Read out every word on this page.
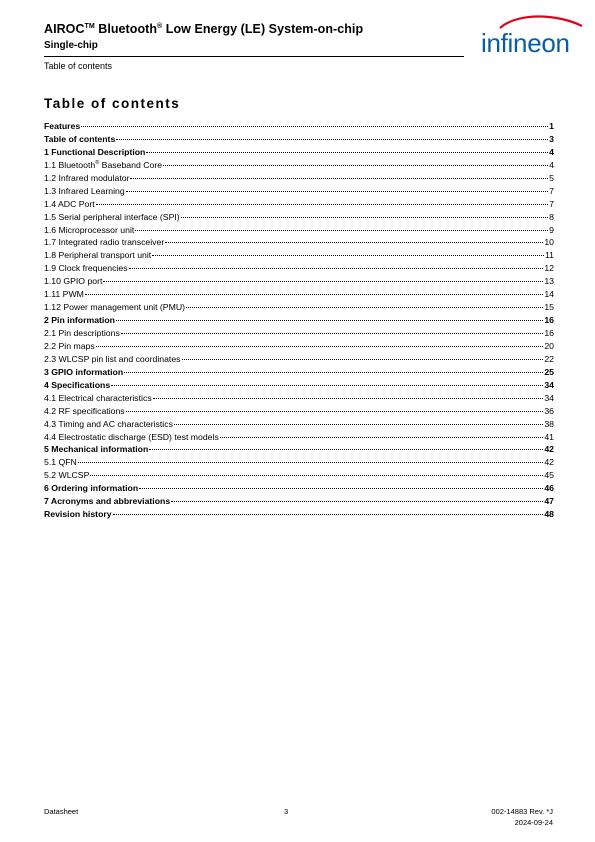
AIROC™ Bluetooth® Low Energy (LE) System-on-chip
Single-chip
Table of contents
infineon
Table of contents
Features	1
Table of contents	3
1 Functional Description	4
1.1 Bluetooth® Baseband Core	4
1.2 Infrared modulator	5
1.3 Infrared Learning	7
1.4 ADC Port	7
1.5 Serial peripheral interface (SPI)	8
1.6 Microprocessor unit	9
1.7 Integrated radio transceiver	10
1.8 Peripheral transport unit	11
1.9 Clock frequencies	12
1.10 GPIO port	13
1.11 PWM	14
1.12 Power management unit (PMU)	15
2 Pin information	16
2.1 Pin descriptions	16
2.2 Pin maps	20
2.3 WLCSP pin list and coordinates	22
3 GPIO information	25
4 Specifications	34
4.1 Electrical characteristics	34
4.2 RF specifications	36
4.3 Timing and AC characteristics	38
4.4 Electrostatic discharge (ESD) test models	41
5 Mechanical information	42
5.1 QFN	42
5.2 WLCSP	45
6 Ordering information	46
7 Acronyms and abbreviations	47
Revision history	48
Datasheet	3	002-14883 Rev. *J
2024-09-24
